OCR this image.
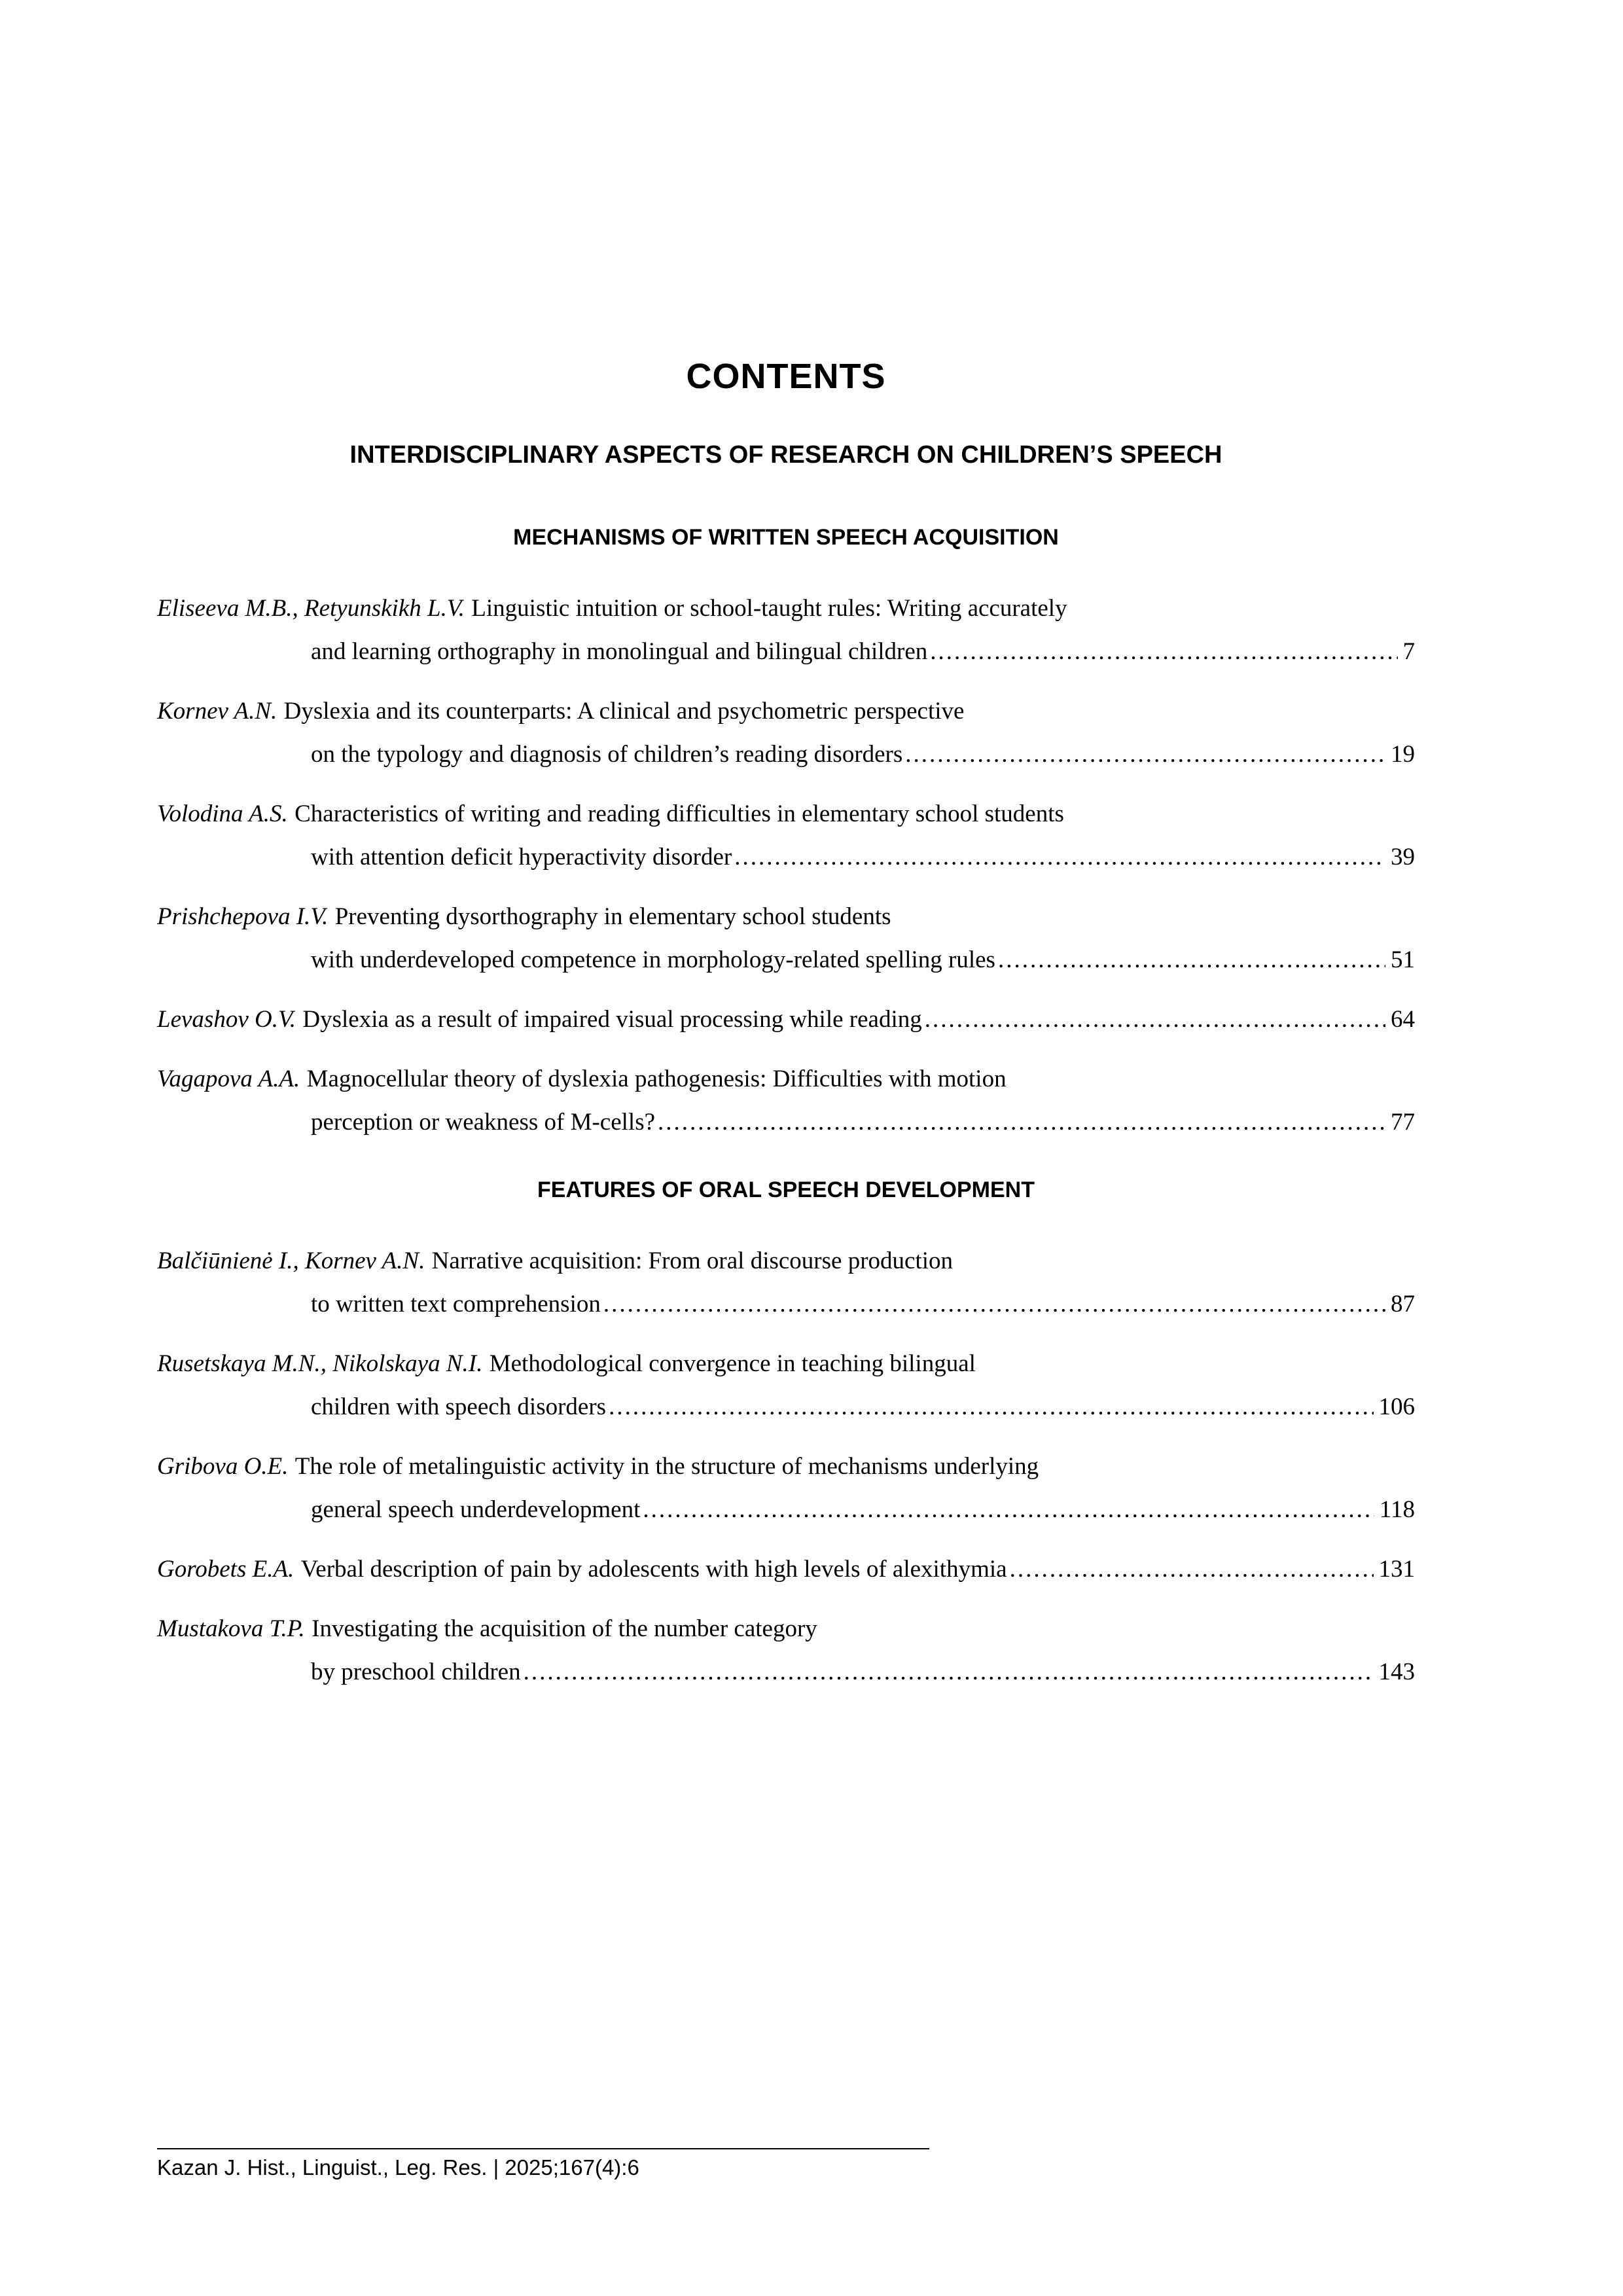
CONTENTS
INTERDISCIPLINARY ASPECTS OF RESEARCH ON CHILDREN’S SPEECH
MECHANISMS OF WRITTEN SPEECH ACQUISITION
Eliseeva M.B., Retyunskikh L.V. Linguistic intuition or school-taught rules: Writing accurately
and learning orthography in monolingual and bilingual children .....	7
Kornev A.N. Dyslexia and its counterparts: A clinical and psychometric perspective
on the typology and diagnosis of children’s reading disorders .....	19
Volodina A.S. Characteristics of writing and reading difficulties in elementary school students
with attention deficit hyperactivity disorder .....	39
Prishchepova I.V. Preventing dysorthography in elementary school students
with underdeveloped competence in morphology-related spelling rules .....	51
Levashov O.V. Dyslexia as a result of impaired visual processing while reading .....	64
Vagapova A.A. Magnocellular theory of dyslexia pathogenesis: Difficulties with motion
perception or weakness of M-cells? .....	77
FEATURES OF ORAL SPEECH DEVELOPMENT
Balčiūnienė I., Kornev A.N. Narrative acquisition: From oral discourse production
to written text comprehension .....	87
Rusetskaya M.N., Nikolskaya N.I. Methodological convergence in teaching bilingual
children with speech disorders .....	106
Gribova O.E. The role of metalinguistic activity in the structure of mechanisms underlying
general speech underdevelopment .....	118
Gorobets E.A. Verbal description of pain by adolescents with high levels of alexithymia .....	131
Mustakova T.P. Investigating the acquisition of the number category
by preschool children .....	143
Kazan J. Hist., Linguist., Leg. Res. | 2025;167(4):6
